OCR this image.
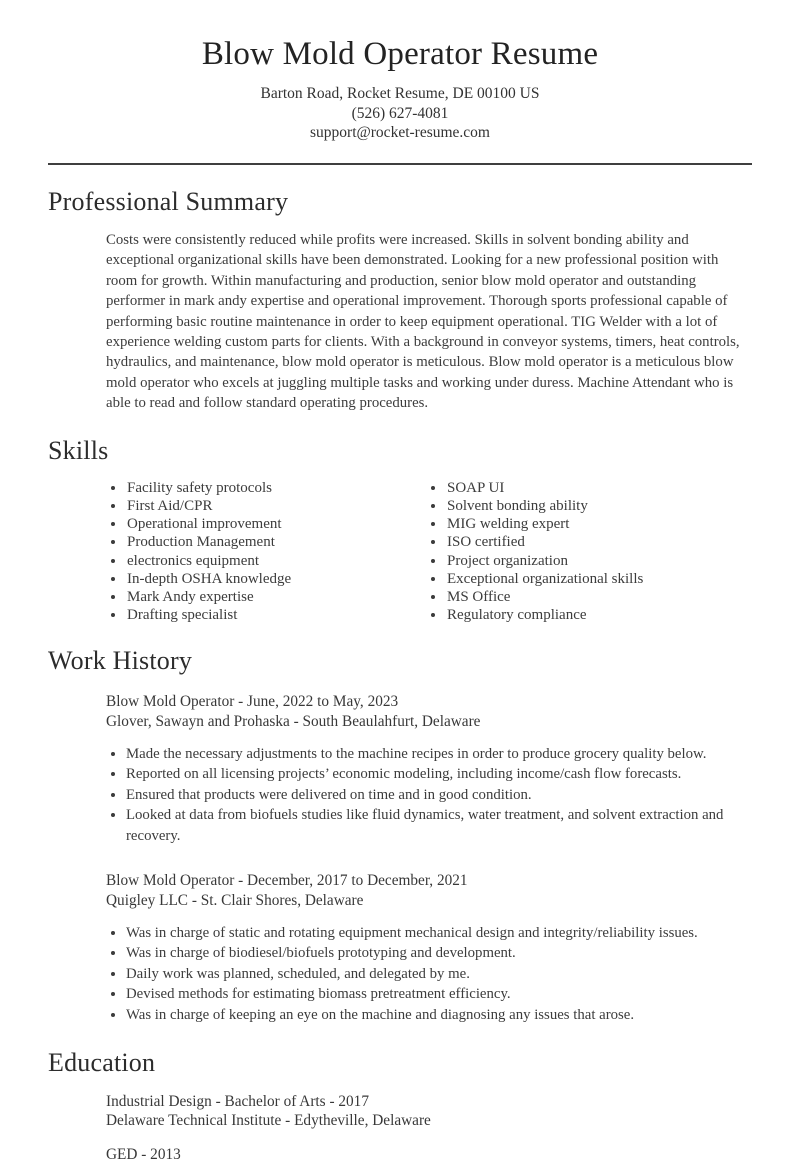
Blow Mold Operator Resume
Barton Road, Rocket Resume, DE 00100 US
(526) 627-4081
support@rocket-resume.com
Professional Summary

Costs were consistently reduced while profits were increased. Skills in solvent bonding ability and exceptional organizational skills have been demonstrated. Looking for a new professional position with room for growth. Within manufacturing and production, senior blow mold operator and outstanding performer in mark andy expertise and operational improvement. Thorough sports professional capable of performing basic routine maintenance in order to keep equipment operational. TIG Welder with a lot of experience welding custom parts for clients. With a background in conveyor systems, timers, heat controls, hydraulics, and maintenance, blow mold operator is meticulous. Blow mold operator is a meticulous blow mold operator who excels at juggling multiple tasks and working under duress. Machine Attendant who is able to read and follow standard operating procedures.

Skills
• Facility safety protocols
• First Aid/CPR
• Operational improvement
• Production Management
• electronics equipment
• In-depth OSHA knowledge
• Mark Andy expertise
• Drafting specialist
• SOAP UI
• Solvent bonding ability
• MIG welding expert
• ISO certified
• Project organization
• Exceptional organizational skills
• MS Office
• Regulatory compliance
Work History
Blow Mold Operator - June, 2022 to May, 2023
Glover, Sawayn and Prohaska - South Beaulahfurt, Delaware
• Made the necessary adjustments to the machine recipes in order to produce grocery quality below.
• Reported on all licensing projects’ economic modeling, including income/cash flow forecasts.
• Ensured that products were delivered on time and in good condition.
• Looked at data from biofuels studies like fluid dynamics, water treatment, and solvent extraction and recovery.
Blow Mold Operator - December, 2017 to December, 2021
Quigley LLC - St. Clair Shores, Delaware
• Was in charge of static and rotating equipment mechanical design and integrity/reliability issues.
• Was in charge of biodiesel/biofuels prototyping and development.
• Daily work was planned, scheduled, and delegated by me.
• Devised methods for estimating biomass pretreatment efficiency.
• Was in charge of keeping an eye on the machine and diagnosing any issues that arose.
Education
Industrial Design - Bachelor of Arts - 2017
Delaware Technical Institute - Edytheville, Delaware
GED - 2013
